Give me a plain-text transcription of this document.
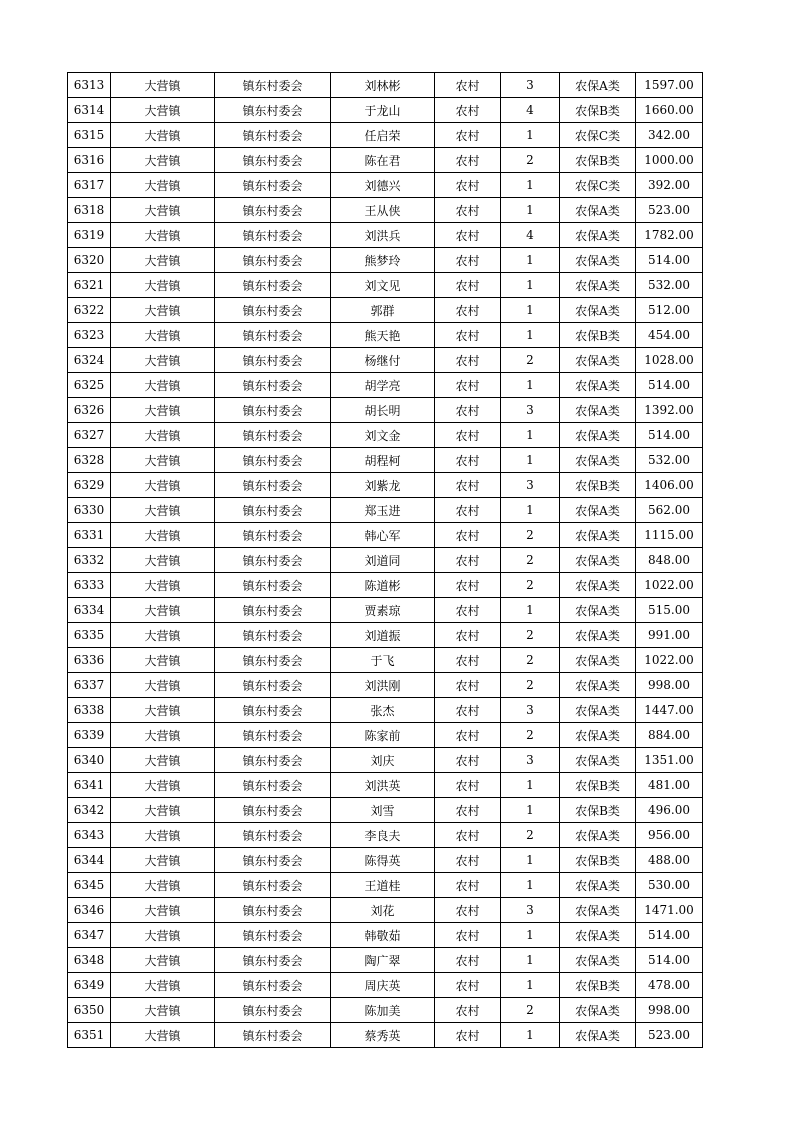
6313	大营镇	镇东村委会	刘林彬	农村	3	农保A类	1597.00
6314	大营镇	镇东村委会	于龙山	农村	4	农保B类	1660.00
6315	大营镇	镇东村委会	任启荣	农村	1	农保C类	342.00
6316	大营镇	镇东村委会	陈在君	农村	2	农保B类	1000.00
6317	大营镇	镇东村委会	刘德兴	农村	1	农保C类	392.00
6318	大营镇	镇东村委会	王从侠	农村	1	农保A类	523.00
6319	大营镇	镇东村委会	刘洪兵	农村	4	农保A类	1782.00
6320	大营镇	镇东村委会	熊梦玲	农村	1	农保A类	514.00
6321	大营镇	镇东村委会	刘文见	农村	1	农保A类	532.00
6322	大营镇	镇东村委会	郭群	农村	1	农保A类	512.00
6323	大营镇	镇东村委会	熊天艳	农村	1	农保B类	454.00
6324	大营镇	镇东村委会	杨继付	农村	2	农保A类	1028.00
6325	大营镇	镇东村委会	胡学亮	农村	1	农保A类	514.00
6326	大营镇	镇东村委会	胡长明	农村	3	农保A类	1392.00
6327	大营镇	镇东村委会	刘文金	农村	1	农保A类	514.00
6328	大营镇	镇东村委会	胡程柯	农村	1	农保A类	532.00
6329	大营镇	镇东村委会	刘紫龙	农村	3	农保B类	1406.00
6330	大营镇	镇东村委会	郑玉进	农村	1	农保A类	562.00
6331	大营镇	镇东村委会	韩心军	农村	2	农保A类	1115.00
6332	大营镇	镇东村委会	刘道同	农村	2	农保A类	848.00
6333	大营镇	镇东村委会	陈道彬	农村	2	农保A类	1022.00
6334	大营镇	镇东村委会	贾素琼	农村	1	农保A类	515.00
6335	大营镇	镇东村委会	刘道振	农村	2	农保A类	991.00
6336	大营镇	镇东村委会	于飞	农村	2	农保A类	1022.00
6337	大营镇	镇东村委会	刘洪刚	农村	2	农保A类	998.00
6338	大营镇	镇东村委会	张杰	农村	3	农保A类	1447.00
6339	大营镇	镇东村委会	陈家前	农村	2	农保A类	884.00
6340	大营镇	镇东村委会	刘庆	农村	3	农保A类	1351.00
6341	大营镇	镇东村委会	刘洪英	农村	1	农保B类	481.00
6342	大营镇	镇东村委会	刘雪	农村	1	农保B类	496.00
6343	大营镇	镇东村委会	李良夫	农村	2	农保A类	956.00
6344	大营镇	镇东村委会	陈得英	农村	1	农保B类	488.00
6345	大营镇	镇东村委会	王道桂	农村	1	农保A类	530.00
6346	大营镇	镇东村委会	刘花	农村	3	农保A类	1471.00
6347	大营镇	镇东村委会	韩敬茹	农村	1	农保A类	514.00
6348	大营镇	镇东村委会	陶广翠	农村	1	农保A类	514.00
6349	大营镇	镇东村委会	周庆英	农村	1	农保B类	478.00
6350	大营镇	镇东村委会	陈加美	农村	2	农保A类	998.00
6351	大营镇	镇东村委会	蔡秀英	农村	1	农保A类	523.00
